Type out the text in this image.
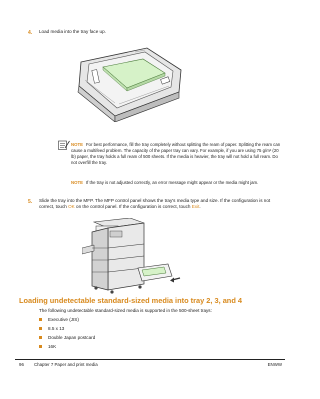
4. Load media into the tray face up.
NOTE For best performance, fill the tray completely without splitting the ream of paper. Splitting the ream can cause a multifeed problem. The capacity of the paper tray can vary. For example, if you are using 75 g/m² (20 lb) paper, the tray holds a full ream of 500 sheets. If the media is heavier, the tray will not hold a full ream. Do not overfill the tray.
NOTE If the tray is not adjusted correctly, an error message might appear or the media might jam.
5. Slide the tray into the MFP. The MFP control panel shows the tray's media type and size. If the configuration is not correct, touch OK on the control panel. If the configuration is correct, touch Exit.
Loading undetectable standard-sized media into tray 2, 3, and 4
The following undetectable standard-sized media is supported in the 500-sheet trays:
Executive (JIS)
8.5 x 13
Double Japan postcard
16K
96 Chapter 7 Paper and print media	ENWW
